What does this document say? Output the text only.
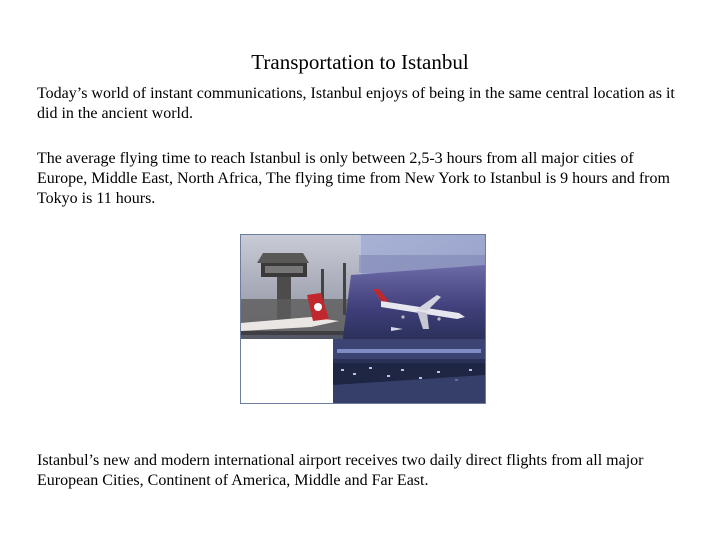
Transportation to Istanbul

Today’s world of instant communications, Istanbul enjoys of being in the same central location as it did in the ancient world.

The average flying time to reach Istanbul is only between 2,5-3 hours from all major cities of Europe, Middle East, North Africa, The flying time from New York to Istanbul is 9 hours and from Tokyo is 11 hours.

Istanbul’s new and modern international airport receives two daily direct flights from all major European Cities, Continent of America, Middle and Far East.
